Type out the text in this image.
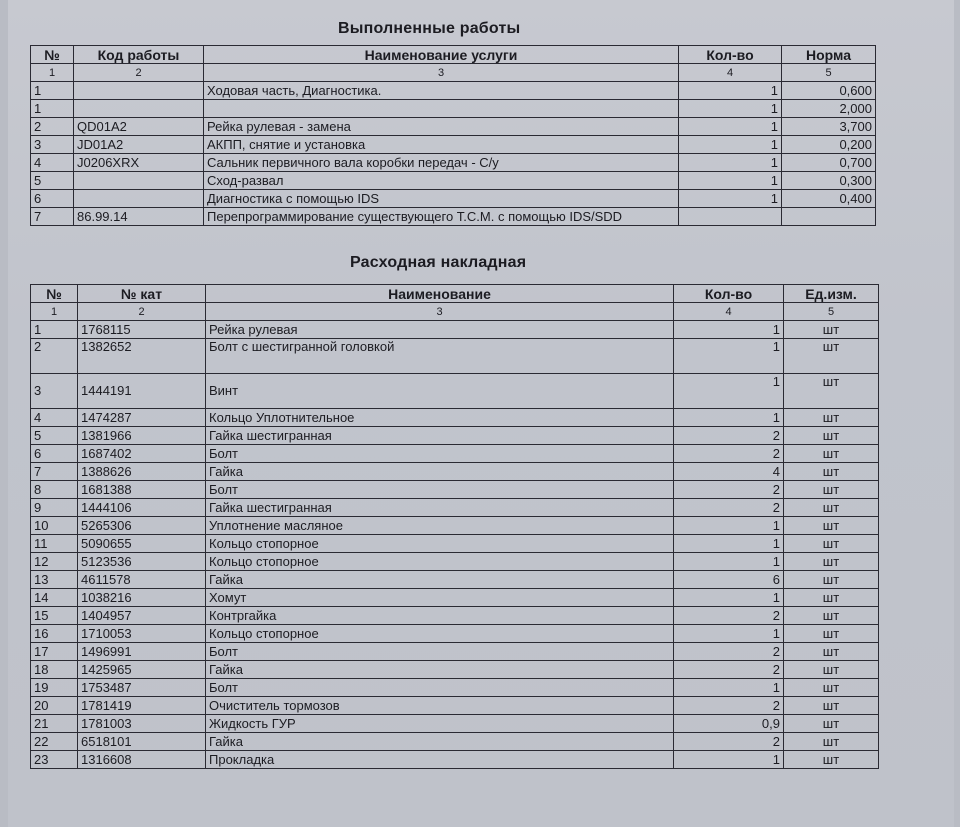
Выполненные работы
№	Код работы	Наименование услуги	Кол-во	Норма
1	2	3	4	5
1		Ходовая часть, Диагностика.	1	0,600
1			1	2,000
2	QD01A2	Рейка рулевая - замена	1	3,700
3	JD01A2	АКПП, снятие и установка	1	0,200
4	J0206XRX	Сальник первичного вала коробки передач - С/у	1	0,700
5		Сход-развал	1	0,300
6		Диагностика с помощью IDS	1	0,400
7	86.99.14	Перепрограммирование существующего Т.С.М. с помощью IDS/SDD		
Расходная накладная
№	№ кат	Наименование	Кол-во	Ед.изм.
1	2	3	4	5
1	1768115	Рейка рулевая	1	шт
2	1382652	Болт с шестигранной головкой	1	шт
3	1444191	Винт	1	шт
4	1474287	Кольцо Уплотнительное	1	шт
5	1381966	Гайка шестигранная	2	шт
6	1687402	Болт	2	шт
7	1388626	Гайка	4	шт
8	1681388	Болт	2	шт
9	1444106	Гайка шестигранная	2	шт
10	5265306	Уплотнение масляное	1	шт
11	5090655	Кольцо стопорное	1	шт
12	5123536	Кольцо стопорное	1	шт
13	4611578	Гайка	6	шт
14	1038216	Хомут	1	шт
15	1404957	Контргайка	2	шт
16	1710053	Кольцо стопорное	1	шт
17	1496991	Болт	2	шт
18	1425965	Гайка	2	шт
19	1753487	Болт	1	шт
20	1781419	Очиститель тормозов	2	шт
21	1781003	Жидкость ГУР	0,9	шт
22	6518101	Гайка	2	шт
23	1316608	Прокладка	1	шт
